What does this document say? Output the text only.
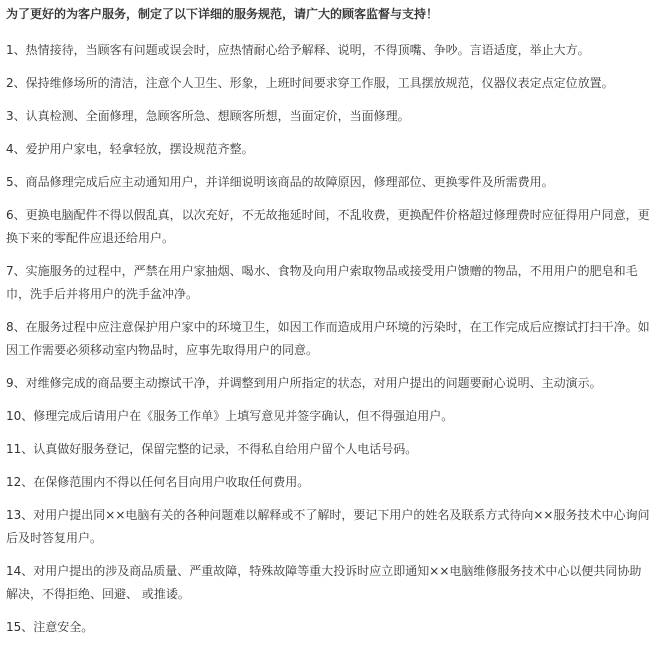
为了更好的为客户服务，制定了以下详细的服务规范，请广大的顾客监督与支持！
1、热情接待，当顾客有问题或误会时，应热情耐心给予解释、说明，不得顶嘴、争吵。言语适度，举止大方。
2、保持维修场所的清洁，注意个人卫生、形象，上班时间要求穿工作服，工具摆放规范，仪器仪表定点定位放置。
3、认真检测、全面修理，急顾客所急、想顾客所想，当面定价，当面修理。
4、爱护用户家电，轻拿轻放，摆设规范齐整。
5、商品修理完成后应主动通知用户，并详细说明该商品的故障原因，修理部位、更换零件及所需费用。
6、更换电脑配件不得以假乱真，以次充好，不无故拖延时间，不乱收费，更换配件价格超过修理费时应征得用户同意，更换下来的零配件应退还给用户。
7、实施服务的过程中，严禁在用户家抽烟、喝水、食物及向用户索取物品或接受用户馈赠的物品，不用用户的肥皂和毛巾，洗手后并将用户的洗手盆冲净。
8、在服务过程中应注意保护用户家中的环境卫生，如因工作而造成用户环境的污染时，在工作完成后应擦试打扫干净。如因工作需要必须移动室内物品时，应事先取得用户的同意。
9、对维修完成的商品要主动擦试干净，并调整到用户所指定的状态，对用户提出的问题要耐心说明、主动演示。
10、修理完成后请用户在《服务工作单》上填写意见并签字确认，但不得强迫用户。
11、认真做好服务登记，保留完整的记录，不得私自给用户留个人电话号码。
12、在保修范围内不得以任何名目向用户收取任何费用。
13、对用户提出同××电脑有关的各种问题难以解释或不了解时，要记下用户的姓名及联系方式待向××服务技术中心询问后及时答复用户。
14、对用户提出的涉及商品质量、严重故障，特殊故障等重大投诉时应立即通知××电脑维修服务技术中心以便共同协助解决，不得拒绝、回避、 或推诿。
15、注意安全。
